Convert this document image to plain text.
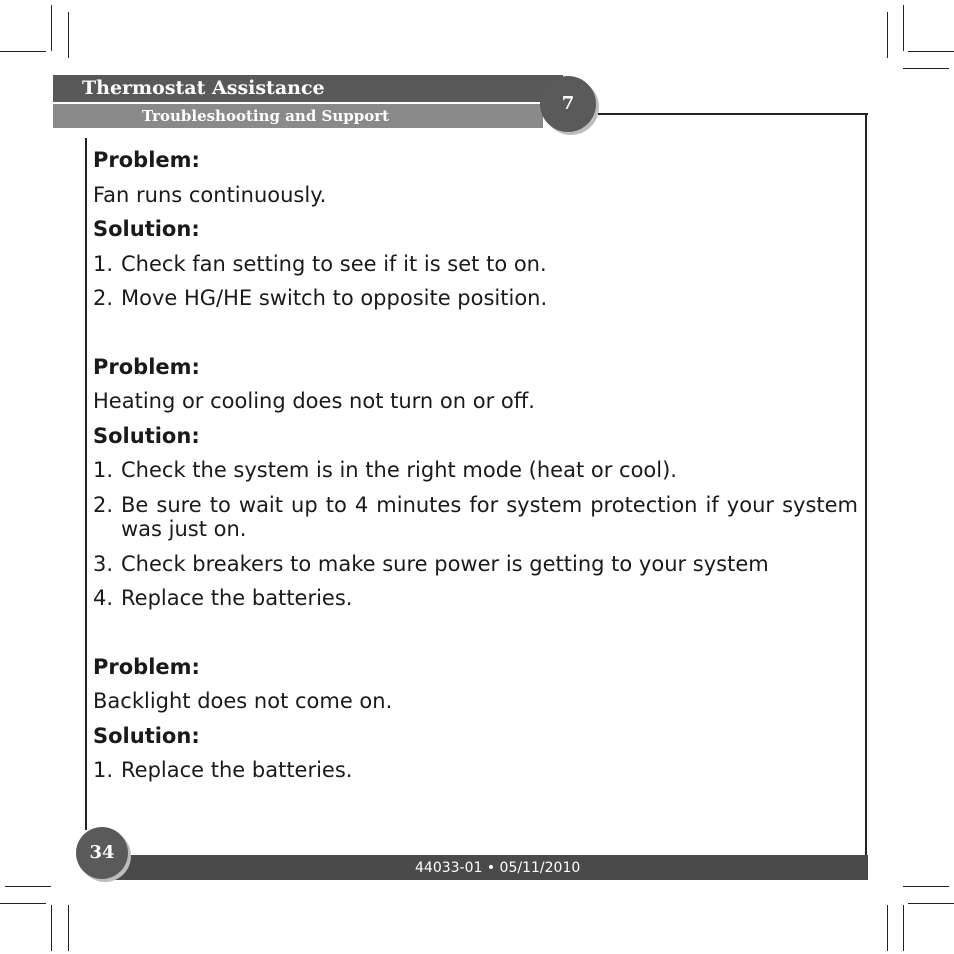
Thermostat Assistance
Troubleshooting and Support
7
Problem:
Fan runs continuously.
Solution:
1. Check fan setting to see if it is set to on.
2. Move HG/HE switch to opposite position.
Problem:
Heating or cooling does not turn on or off.
Solution:
1. Check the system is in the right mode (heat or cool).
2. Be sure to wait up to 4 minutes for system protection if your system
was just on.
3. Check breakers to make sure power is getting to your system
4. Replace the batteries.
Problem:
Backlight does not come on.
Solution:
1. Replace the batteries.
44033-01 • 05/11/2010
34
